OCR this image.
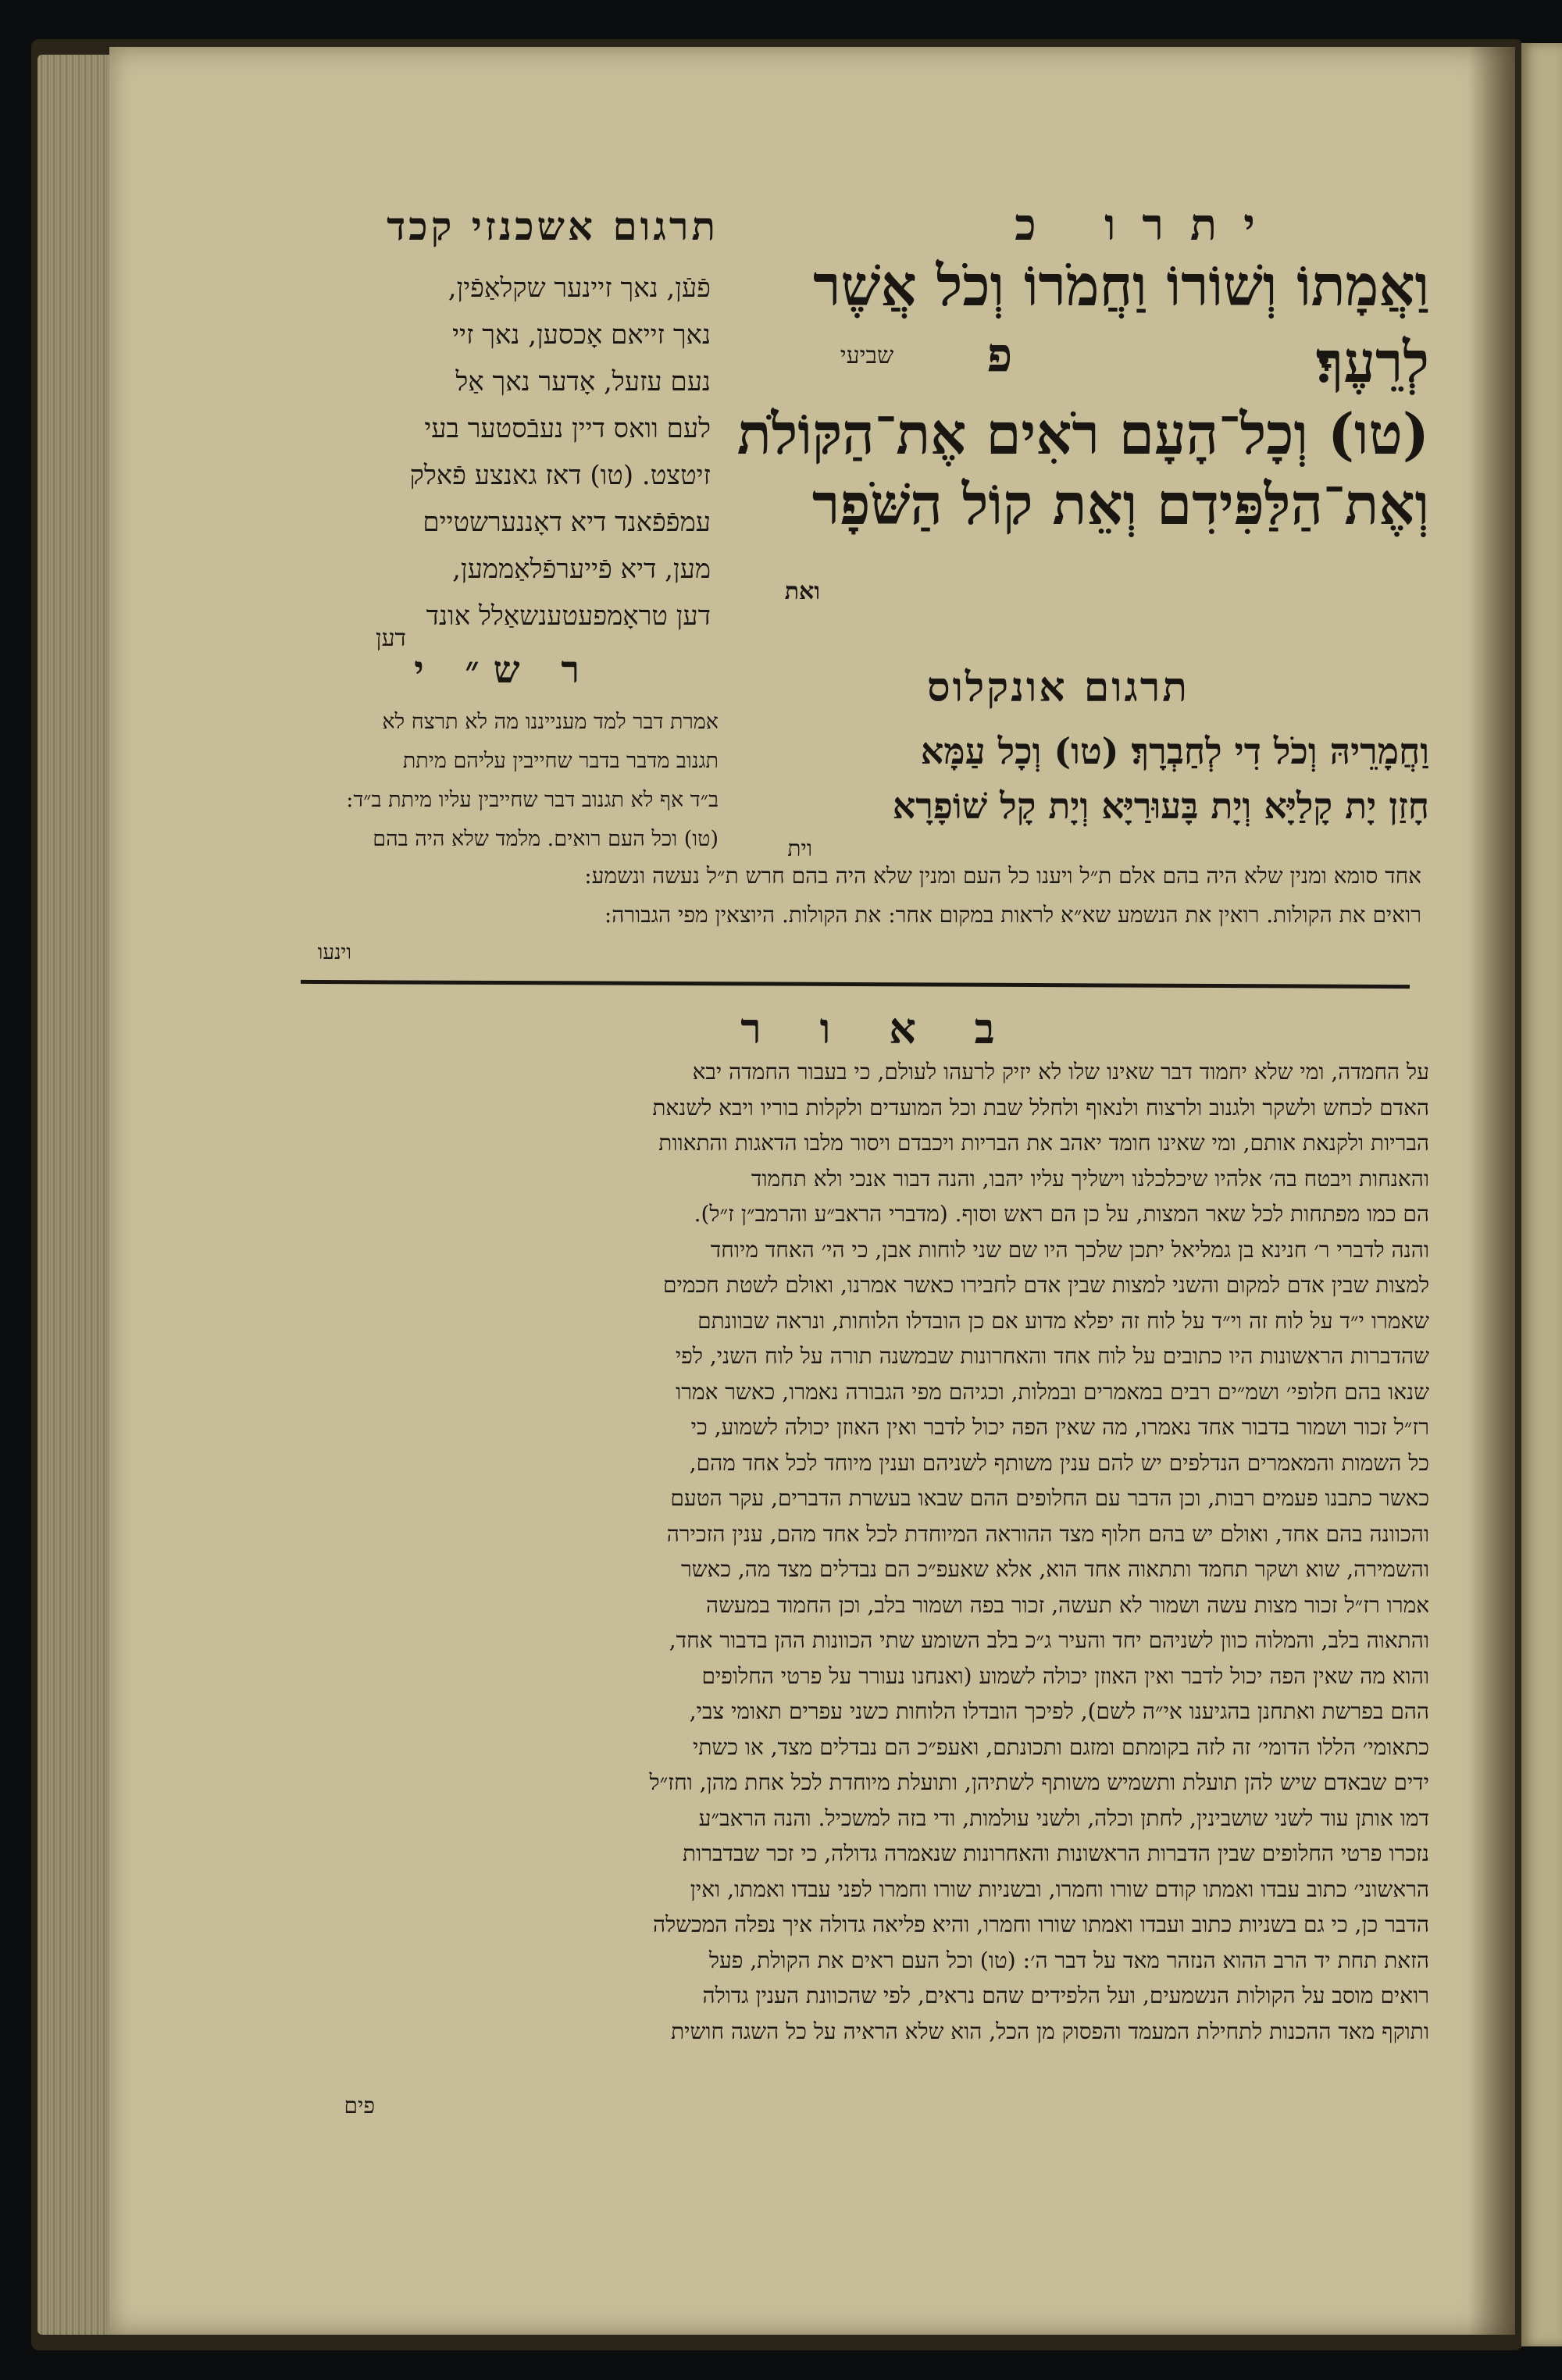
תרגום אשכנזי קכד	יתרו כ
וַאֲמָתוֹ וְשׁוֹרוֹ וַחֲמֹרוֹ וְכֹל אֲשֶׁר
לְרֵעֶךָ׃
שביעי	פ
(טו) וְכָל־הָעָם רֹאִים אֶת־הַקּוֹלֹת
וְאֶת־הַלַּפִּידִם וְאֵת קוֹל הַשֹּׁפָר
ואת
פֿעֿן, נאך זיינער שקלאַפֿין,
נאך זייאם אָכסען, נאך זיי
נעם עזעל, אָדער נאך אַל
לעם וואס דיין נעבֿסטער בעי
זיטצט. (טו) דאז גאנצע פֿאלק
עמפֿפֿאנד דיא דאָננערשטיים
מען, דיא פֿייערפֿלאַממען,
דען טראָמפעטענשאַלל אונד
דען
תרגום אונקלוס
וַחֲמָרֵיהּ וְכֹל דִי לְחַבְרָךְ׃ (טו) וְכָל עַמָּא
חָזַן יָת קָלַיָּא וְיָת בָּעוּרַיָּא וְיָת קָל שׁוֹפָרָא
וית
ר ש״ י
אמרת דבר למד מענייננו מה לא תרצח לא
תגנוב מדבר בדבר שחייבין עליהם מיתת
ב״ד אף לא תגנוב דבר שחייבין עליו מיתת ב״ד:
(טו) וכל העם רואים. מלמד שלא היה בהם
אחד סומא ומנין שלא היה בהם אלם ת״ל ויענו כל העם ומנין שלא היה בהם חרש ת״ל נעשה ונשמע:
רואים את הקולות. רואין את הנשמע שא״א לראות במקום אחר: את הקולות. היוצאין מפי הגבורה:
וינעו
ב א ו ר
על החמדה, ומי שלא יחמוד דבר שאינו שלו לא יזיק לרעהו לעולם, כי בעבור החמדה יבא
האדם לכחש ולשקר ולגנוב ולרצוח ולנאוף ולחלל שבת וכל המועדים ולקלות בוריו ויבא לשנאת
הבריות ולקנאת אותם, ומי שאינו חומד יאהב את הבריות ויכבדם ויסור מלבו הדאגות והתאוות
והאנחות ויבטח בה׳ אלהיו שיכלכלנו וישליך עליו יהבו, והנה דבור אנכי ולא תחמוד
הם כמו מפתחות לכל שאר המצות, על כן הם ראש וסוף. (מדברי הראב״ע והרמב״ן ז״ל).
והנה לדברי ר׳ חנינא בן גמליאל יתכן שלכך היו שם שני לוחות אבן, כי הי׳ האחד מיוחד
למצות שבין אדם למקום והשני למצות שבין אדם לחבירו כאשר אמרנו, ואולם לשטת חכמים
שאמרו י״ד על לוח זה וי״ד על לוח זה יפלא מדוע אם כן הובדלו הלוחות, ונראה שבוונתם
שהדברות הראשונות היו כתובים על לוח אחד והאחרונות שבמשנה תורה על לוח השני, לפי
שנאו בהם חלופי׳ ושמ״ים רבים במאמרים ובמלות, וכגיהם מפי הגבורה נאמרו, כאשר אמרו
רז״ל זכור ושמור בדבור אחד נאמרו, מה שאין הפה יכול לדבר ואין האוזן יכולה לשמוע, כי
כל השמות והמאמרים הנדלפים יש להם ענין משותף לשניהם וענין מיוחד לכל אחד מהם,
כאשר כתבנו פעמים רבות, וכן הדבר עם החלופים ההם שבאו בעשרת הדברים, עקר הטעם
והכוונה בהם אחד, ואולם יש בהם חלוף מצד ההוראה המיוחדת לכל אחד מהם, ענין הזכירה
והשמירה, שוא ושקר תחמד ותתאוה אחד הוא, אלא שאעפ״כ הם נבדלים מצד מה, כאשר
אמרו רז״ל זכור מצות עשה ושמור לא תעשה, זכור בפה ושמור בלב, וכן החמוד במעשה
והתאוה בלב, והמלוה כוון לשניהם יחד והעיר ג״כ בלב השומע שתי הכוונות ההן בדבור אחד,
והוא מה שאין הפה יכול לדבר ואין האוזן יכולה לשמוע (ואנחנו נעורר על פרטי החלופים
ההם בפרשת ואתחנן בהגיענו אי״ה לשם), לפיכך הובדלו הלוחות כשני עפרים תאומי צבי,
כתאומי׳ הללו הדומי׳ זה לזה בקומתם ומזגם ותכונתם, ואעפ״כ הם נבדלים מצד, או כשתי
ידים שבאדם שיש להן תועלת ותשמיש משותף לשתיהן, ותועלת מיוחדת לכל אחת מהן, וחז״ל
דמו אותן עוד לשני שושבינין, לחתן וכלה, ולשני עולמות, ודי בזה למשכיל. והנה הראב״ע
נזכרו פרטי החלופים שבין הדברות הראשונות והאחרונות שנאמרה גדולה, כי זכר שבדברות
הראשוני׳ כתוב עבדו ואמתו קודם שורו וחמרו, ובשניות שורו וחמרו לפני עבדו ואמתו, ואין
הדבר כן, כי גם בשניות כתוב ועבדו ואמתו שורו וחמרו, והיא פליאה גדולה איך נפלה המכשלה
הזאת תחת יד הרב ההוא הנזהר מאד על דבר ה׳: (טו) וכל העם ראים את הקולת, פעל
רואים מוסב על הקולות הנשמעים, ועל הלפידים שהם נראים, לפי שהכוונת הענין גדולה
ותוקף מאד ההכנות לתחילת המעמד והפסוק מן הכל, הוא שלא הראיה על כל השגה חושית
פים
